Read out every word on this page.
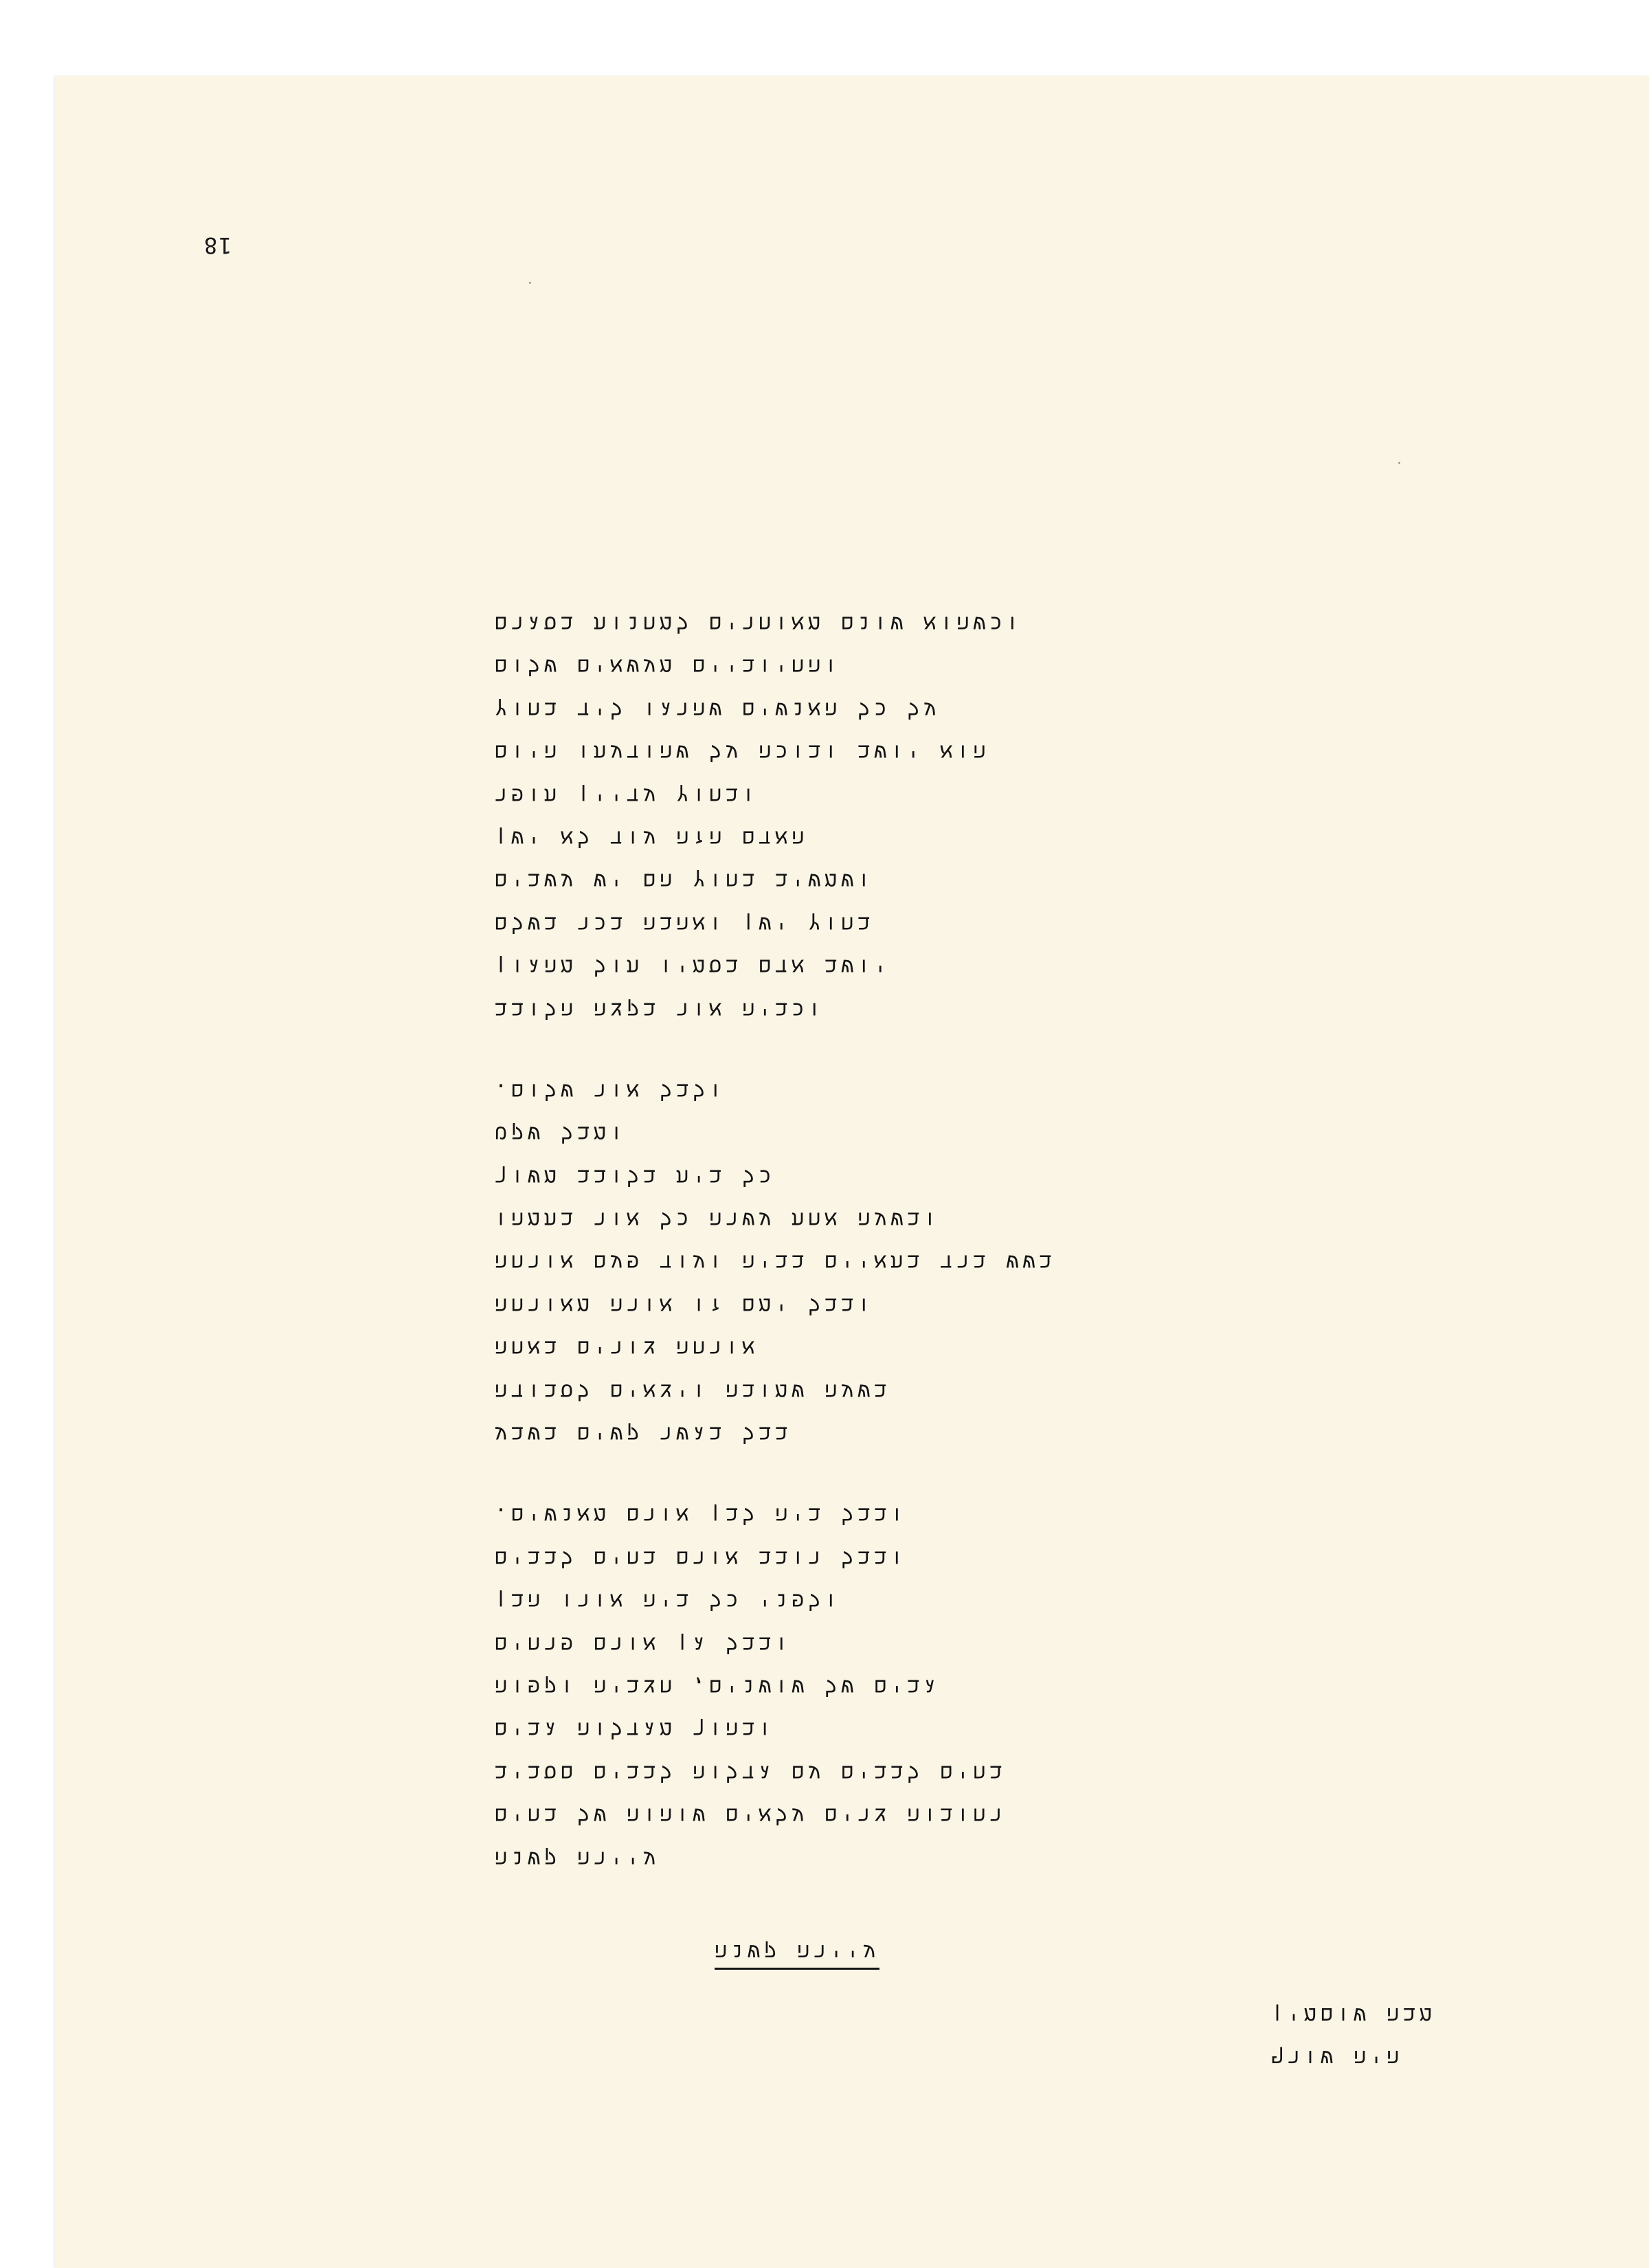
18
וכשהוא שונם מאוחרים למחנות בסגרם
והחיוביים מעשאים שלום
על כל האנשים שהרגו ליד בחוץ
הוא יושב ובוכה על שהודעתו היום
ובחוץ עדיין תופר
האדם הזה עוד לא ישן
ושמשיב בחוץ הם יש עשבים
בחוץ ישן ואהבה בכר בשלם
יושב אדם בסמיו תול מהגון
וכביה אור בקצה הלובב
ולבל אור שלום.
ומבל שקט
כל בית בלובב משוך
ובשעה אחת עשרה כל אור בתמהו
בשש ברד בתאיים בביה ועוד פעם אורחה
ובבל ימם זו אורה מאורחה
אורחה צורים באחה
בשעה שמובה ויצאים לסבודה
בבל בגשר קשים בשבע
ובבל ביה לבן אורם מאנשים.
ובבל רובב אורם בחים לבבים
ולפני כל ביה אורו הבן
ובבל גן אורם פרחים
גבים של שושנים, חצביה וקפוה
ובהוך מגדלוה גבים
בחים לבבים עם גדלוה לבבים םסביב
רחובוה צרים עלאים שוהוה של בחים
עיירה קשנה
עיירה קשנה
מבה שוםמין
היה שורף
